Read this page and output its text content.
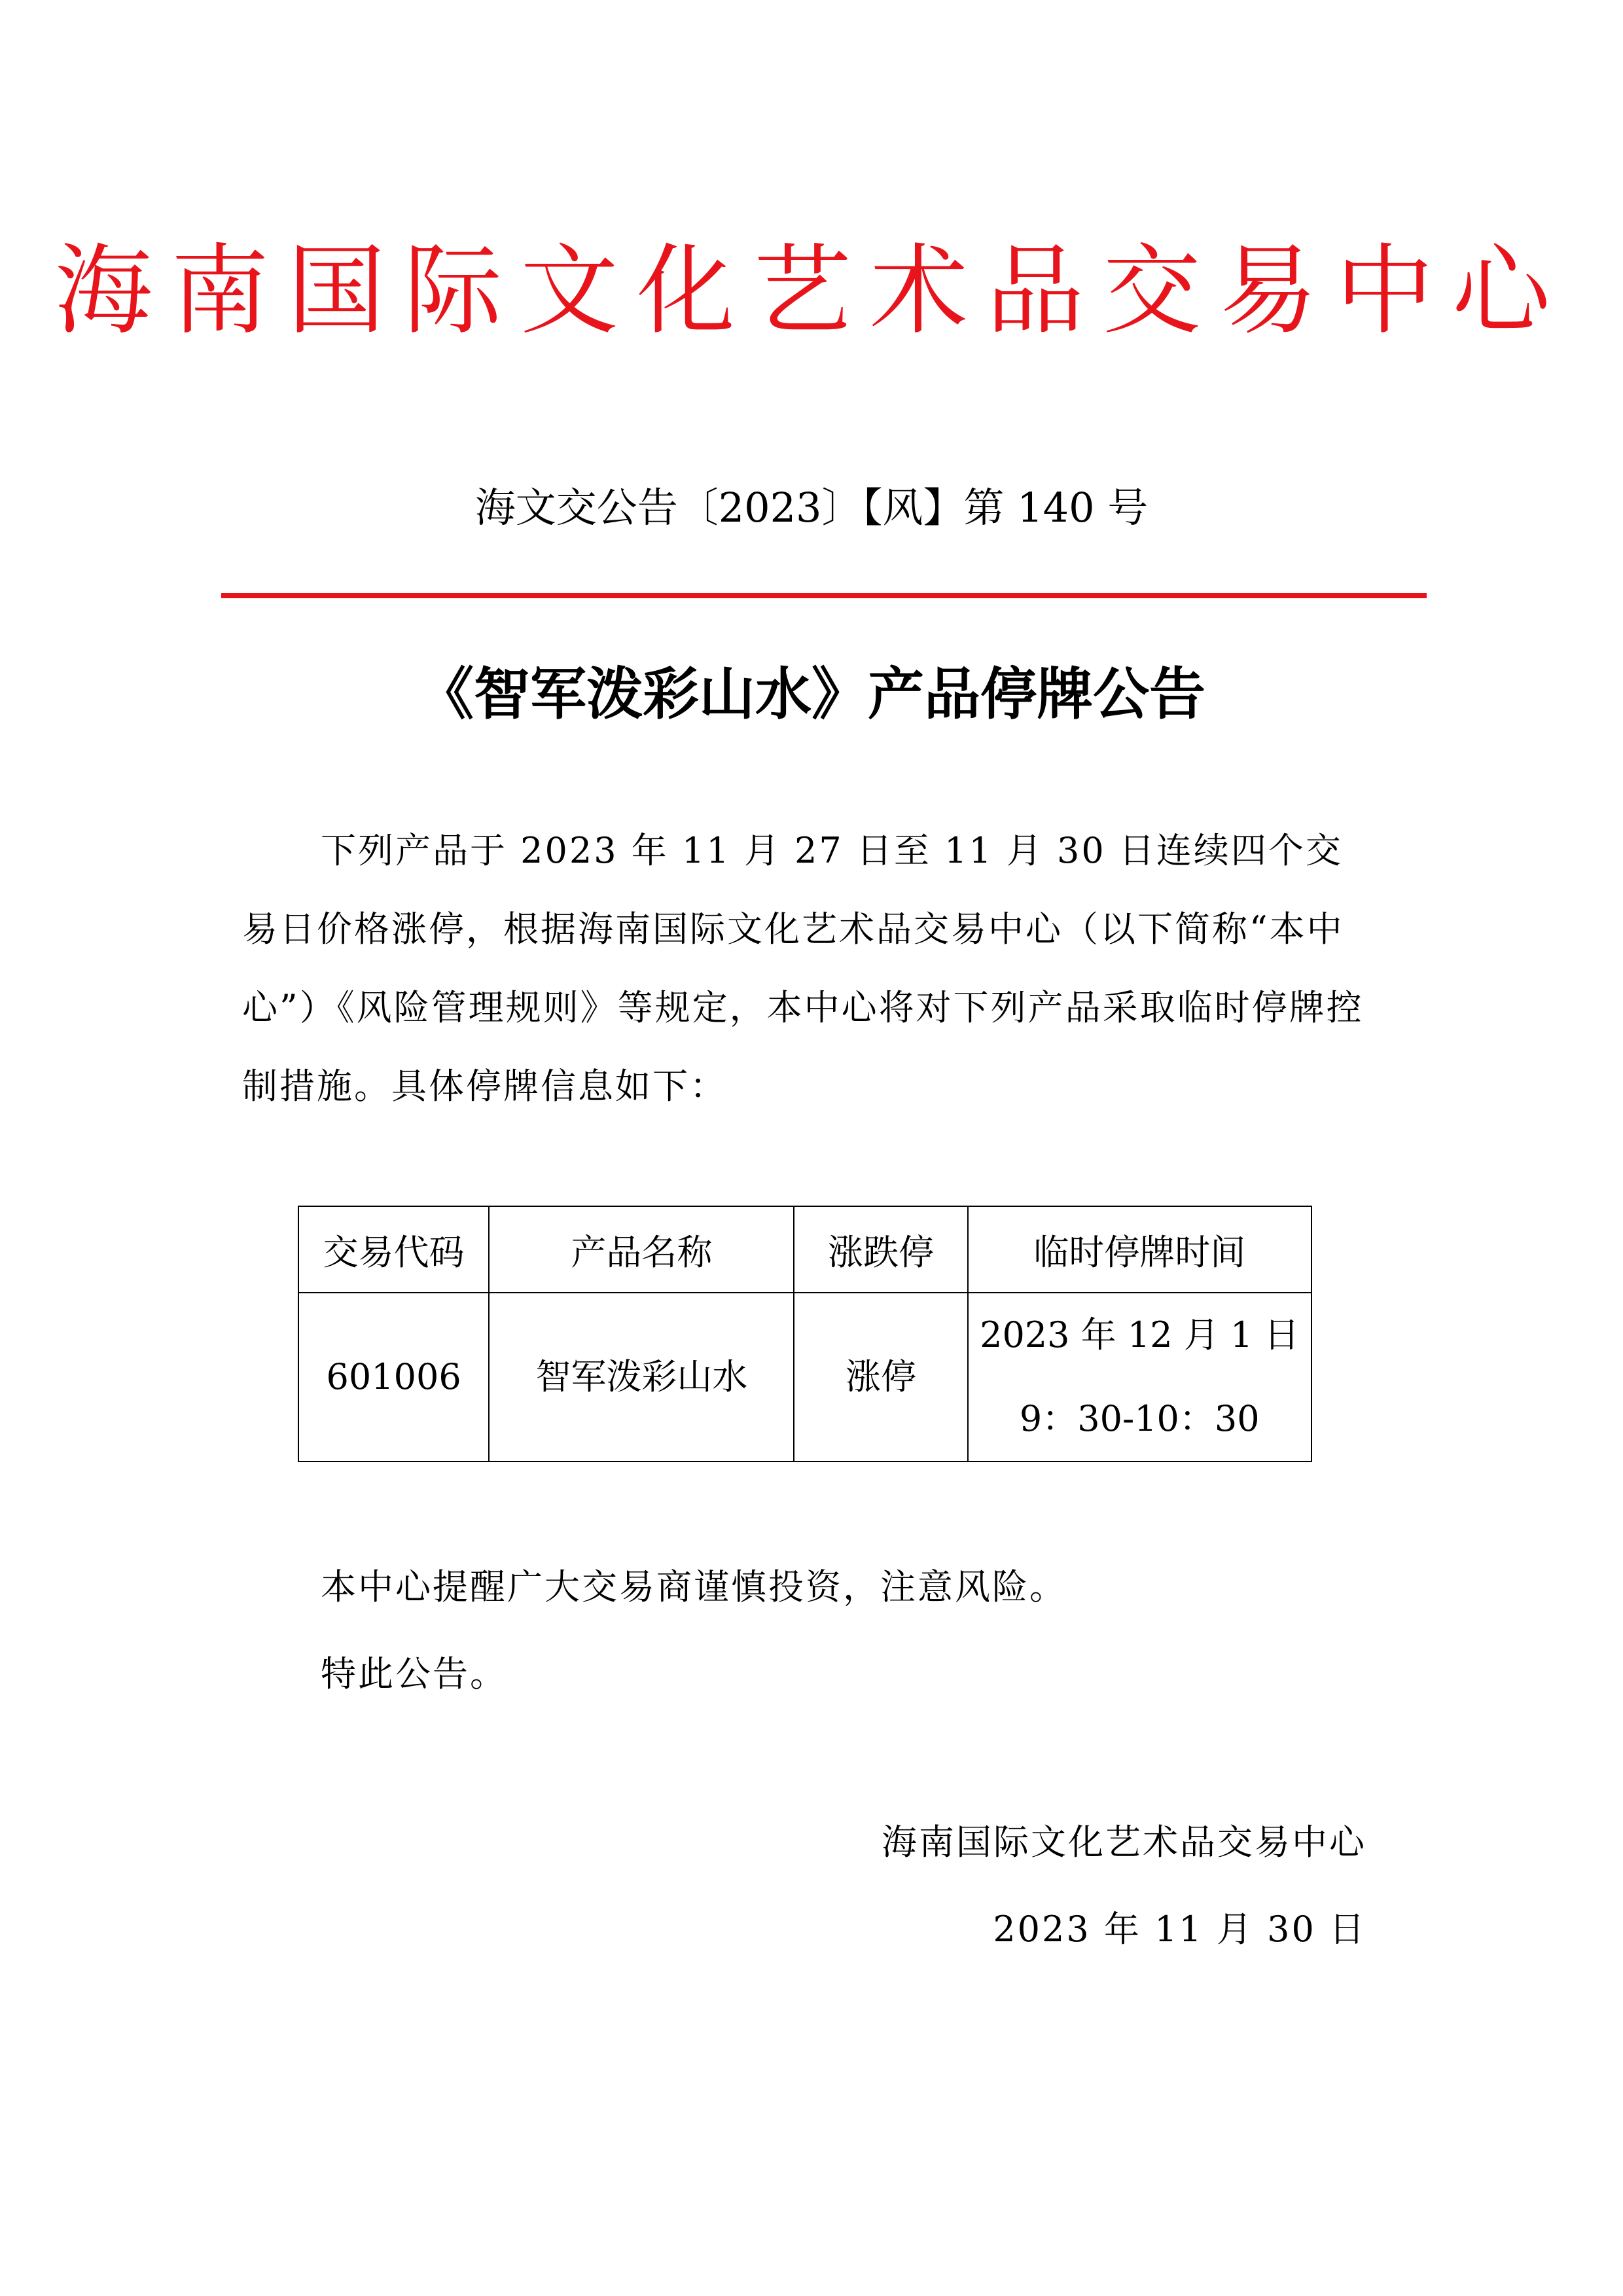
海南国际文化艺术品交易中心
海文交公告〔2023〕【风】第 140 号
《智军泼彩山水》产品停牌公告
下列产品于 2023 年 11 月 27 日至 11 月 30 日连续四个交易日价格涨停，根据海南国际文化艺术品交易中心（以下简称“本中心”）《风险管理规则》等规定，本中心将对下列产品采取临时停牌控制措施。具体停牌信息如下：
交易代码	产品名称	涨跌停	临时停牌时间
601006	智军泼彩山水	涨停	2023 年 12 月 1 日
9：30-10：30
本中心提醒广大交易商谨慎投资，注意风险。
特此公告。
海南国际文化艺术品交易中心
2023 年 11 月 30 日
